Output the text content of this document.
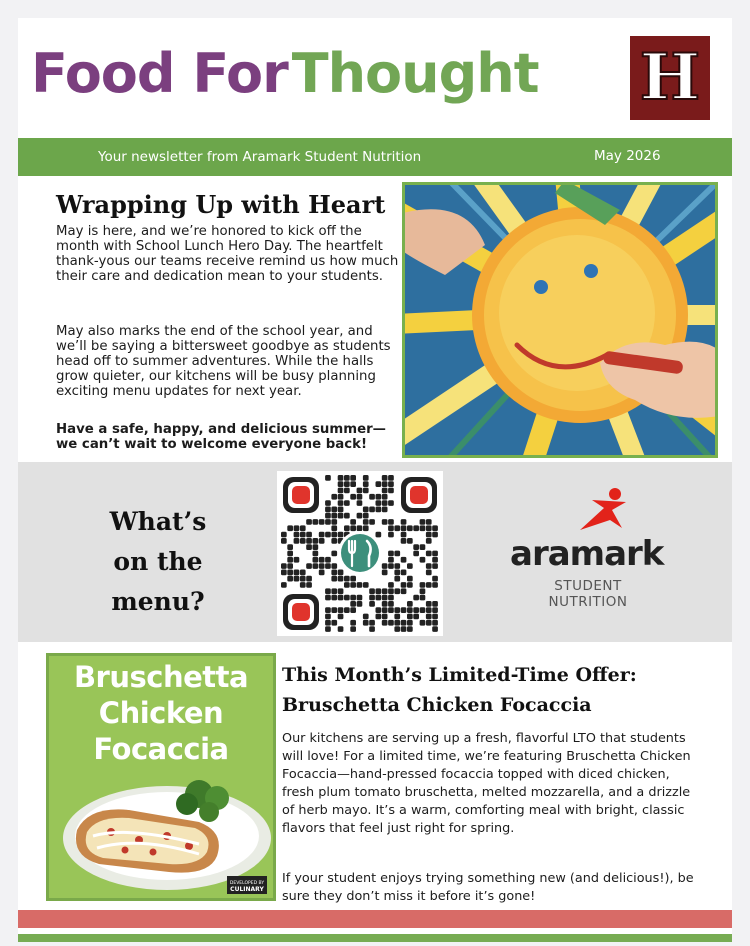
Food ForThought H
Your newsletter from Aramark Student Nutrition	May 2026
Wrapping Up with Heart

May is here, and we’re honored to kick off the month with School Lunch Hero Day. The heartfelt thank-yous our teams receive remind us how much their care and dedication mean to your students.

May also marks the end of the school year, and we’ll be saying a bittersweet goodbye as students head off to summer adventures. While the halls grow quieter, our kitchens will be busy planning exciting menu updates for next year.

Have a safe, happy, and delicious summer—we can’t wait to welcome everyone back!

What’s
on the
menu?
aramark
STUDENT
NUTRITION
Bruschetta
Chicken
Focaccia
DEVELOPED BY
CULINARY
This Month’s Limited-Time Offer:
Bruschetta Chicken Focaccia

Our kitchens are serving up a fresh, flavorful LTO that students will love! For a limited time, we’re featuring Bruschetta Chicken Focaccia—hand-pressed focaccia topped with diced chicken, fresh plum tomato bruschetta, melted mozzarella, and a drizzle of herb mayo. It’s a warm, comforting meal with bright, classic flavors that feel just right for spring.

If your student enjoys trying something new (and delicious!), be sure they don’t miss it before it’s gone!
